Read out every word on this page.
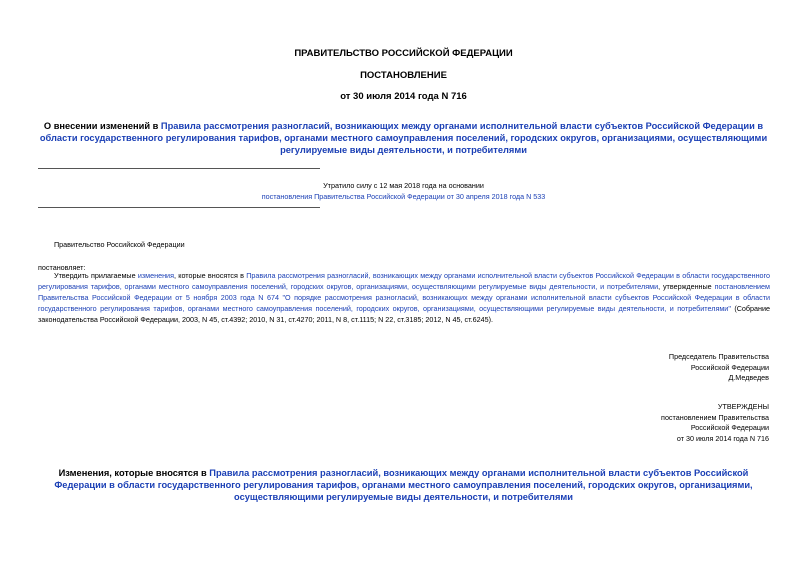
ПРАВИТЕЛЬСТВО РОССИЙСКОЙ ФЕДЕРАЦИИ
ПОСТАНОВЛЕНИЕ
от 30 июля 2014 года N 716
О внесении изменений в Правила рассмотрения разногласий, возникающих между органами исполнительной власти субъектов Российской Федерации в области государственного регулирования тарифов, органами местного самоуправления поселений, городских округов, организациями, осуществляющими регулируемые виды деятельности, и потребителями
Утратило силу с 12 мая 2018 года на основании
постановления Правительства Российской Федерации от 30 апреля 2018 года N 533
Правительство Российской Федерации
постановляет:
Утвердить прилагаемые изменения, которые вносятся в Правила рассмотрения разногласий, возникающих между органами исполнительной власти субъектов Российской Федерации в области государственного регулирования тарифов, органами местного самоуправления поселений, городских округов, организациями, осуществляющими регулируемые виды деятельности, и потребителями, утвержденные постановлением Правительства Российской Федерации от 5 ноября 2003 года N 674 "О порядке рассмотрения разногласий, возникающих между органами исполнительной власти субъектов Российской Федерации в области государственного регулирования тарифов, органами местного самоуправления поселений, городских округов, организациями, осуществляющими регулируемые виды деятельности, и потребителями" (Собрание законодательства Российской Федерации, 2003, N 45, ст.4392; 2010, N 31, ст.4270; 2011, N 8, ст.1115; N 22, ст.3185; 2012, N 45, ст.6245).
Председатель Правительства
Российской Федерации
Д.Медведев
УТВЕРЖДЕНЫ
постановлением Правительства
Российской Федерации
от 30 июля 2014 года N 716
Изменения, которые вносятся в Правила рассмотрения разногласий, возникающих между органами исполнительной власти субъектов Российской Федерации в области государственного регулирования тарифов, органами местного самоуправления поселений, городских округов, организациями, осуществляющими регулируемые виды деятельности, и потребителями
